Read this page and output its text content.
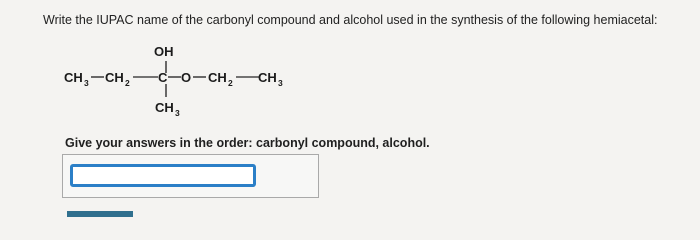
Write the IUPAC name of the carbonyl compound and alcohol used in the synthesis of the following hemiacetal:
OH
CH 3 CH 2 C O CH 2 CH 3
CH 3
Give your answers in the order: carbonyl compound, alcohol.
